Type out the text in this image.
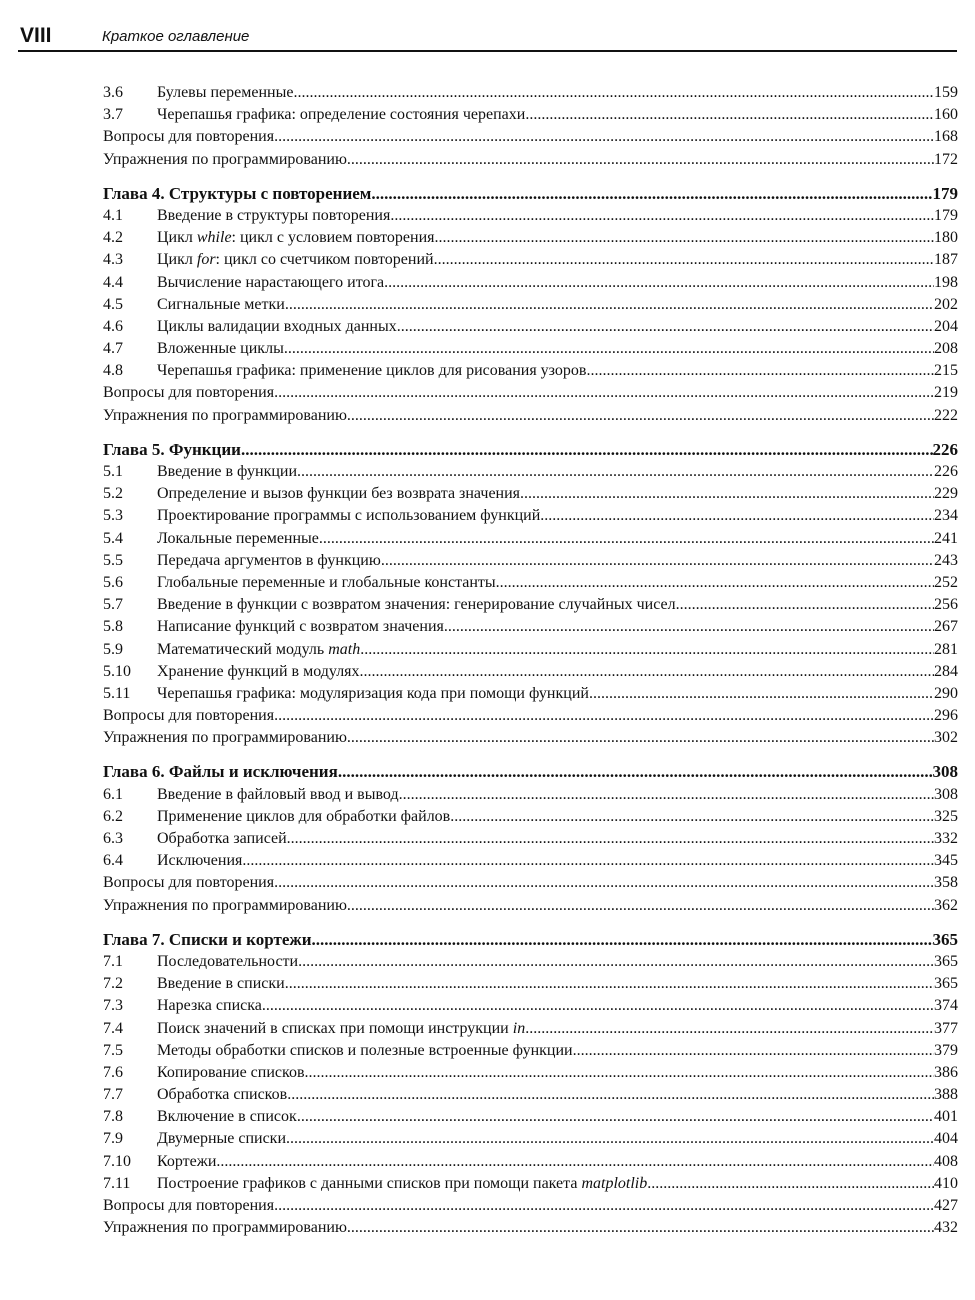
VIII	Краткое оглавление
3.6	Булевы переменные .....	159
3.7	Черепашья графика: определение состояния черепахи .....	160
Вопросы для повторения .....	168
Упражнения по программированию .....	172
Глава 4. Структуры с повторением .....	179
4.1	Введение в структуры повторения .....	179
4.2	Цикл while: цикл с условием повторения .....	180
4.3	Цикл for: цикл со счетчиком повторений .....	187
4.4	Вычисление нарастающего итога .....	198
4.5	Сигнальные метки .....	202
4.6	Циклы валидации входных данных .....	204
4.7	Вложенные циклы .....	208
4.8	Черепашья графика: применение циклов для рисования узоров .....	215
Вопросы для повторения .....	219
Упражнения по программированию .....	222
Глава 5. Функции .....	226
5.1	Введение в функции .....	226
5.2	Определение и вызов функции без возврата значения .....	229
5.3	Проектирование программы с использованием функций .....	234
5.4	Локальные переменные .....	241
5.5	Передача аргументов в функцию .....	243
5.6	Глобальные переменные и глобальные константы .....	252
5.7	Введение в функции с возвратом значения: генерирование случайных чисел .....	256
5.8	Написание функций с возвратом значения .....	267
5.9	Математический модуль math .....	281
5.10	Хранение функций в модулях .....	284
5.11	Черепашья графика: модуляризация кода при помощи функций .....	290
Вопросы для повторения .....	296
Упражнения по программированию .....	302
Глава 6. Файлы и исключения .....	308
6.1	Введение в файловый ввод и вывод .....	308
6.2	Применение циклов для обработки файлов .....	325
6.3	Обработка записей .....	332
6.4	Исключения .....	345
Вопросы для повторения .....	358
Упражнения по программированию .....	362
Глава 7. Списки и кортежи .....	365
7.1	Последовательности .....	365
7.2	Введение в списки .....	365
7.3	Нарезка списка .....	374
7.4	Поиск значений в списках при помощи инструкции in .....	377
7.5	Методы обработки списков и полезные встроенные функции .....	379
7.6	Копирование списков .....	386
7.7	Обработка списков .....	388
7.8	Включение в список .....	401
7.9	Двумерные списки .....	404
7.10	Кортежи .....	408
7.11	Построение графиков с данными списков при помощи пакета matplotlib .....	410
Вопросы для повторения .....	427
Упражнения по программированию .....	432
